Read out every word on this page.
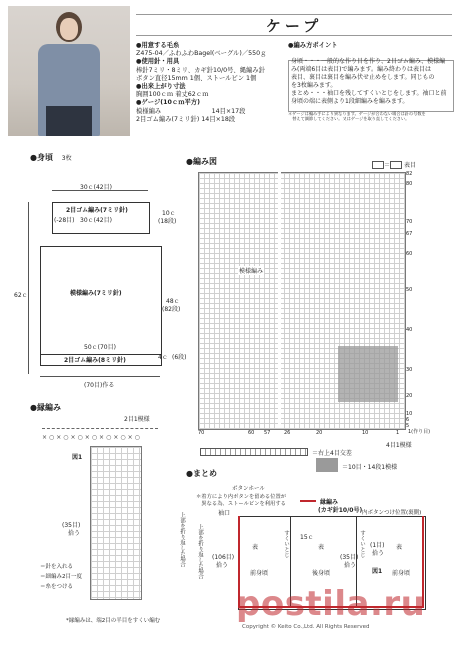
ケープ
●用意する毛糸
Z475-04／ふわふわBagel(ベーグル)／550ｇ
●使用針・用具
棒針7ミリ・8ミリ、カギ針10/0号、縄編み針
ボタン直径15mm 1個、ストールピン 1個
●出来上がり寸法
胸囲100ｃｍ 着丈62ｃｍ
●ゲージ(10ｃｍ平方)
模様編み　　　　　　　　14目×17段
2目ゴム編み(7ミリ針) 14目×18段
●編み方ポイント
身頃・・・一般的な作り目を作り、2目ゴム編み、模様編
み(両端6目は表目)で編みます。編み終わりは表目は
表目、裏目は裏目を編み伏せ止めをします。同じもの
を3枚編みます。
まとめ・・・袖口を残してすくいとじをします。袖口と前
身頃の端に表側より1段細編みを編みます。
＊ゲージは編み手により異なります。ゲージが合わない場合は針の号数を
　替えて調節してください。又はゲージを取り直してください。
●身頃 3枚
30ｃ(42目)
2目ゴム編み(7ミリ針)
(-28目) 30ｃ(42目)
10ｃ
(18段)
模様編み(7ミリ針)
62ｃ
48ｃ
(82段)
50ｃ(70目)
2目ゴム編み(8ミリ針)	4ｃ (6段)
(70目)作る
●縁編み
2目1模様
×○×○×○×○×○×○×○
図1
(35目)
拾う
＝針を入れる
＝細編み2目一度
＝糸をつける
*縁編みは、端2目の半目をすくい編む
●編み図	＝ 表目
模様編み
82
80
70
67
60
50
40
30
20
10
6
5
1(作り目)
70	60 57	26	20	10	1
4目1模様
＝右上4目交差
＝10目・14段1模様
●まとめ
ボタンホール
＊着方により内ボタンを留める位置が
　異なる為、ストールピンを利用する	縁編み
(カギ針10/0号) 内ボタンつけ位置(裏側)
上部を折り返した場合 上部を折り返した場合
袖口
15ｃ
(106目)
拾う
(35目)
拾う
(1目)
拾う
すくいとじ	すくいとじ
表	表	表
前身頃	後身頃	前身頃
図1
Copyright © Keito Co.,Ltd. All Rights Reserved
postila.ru
